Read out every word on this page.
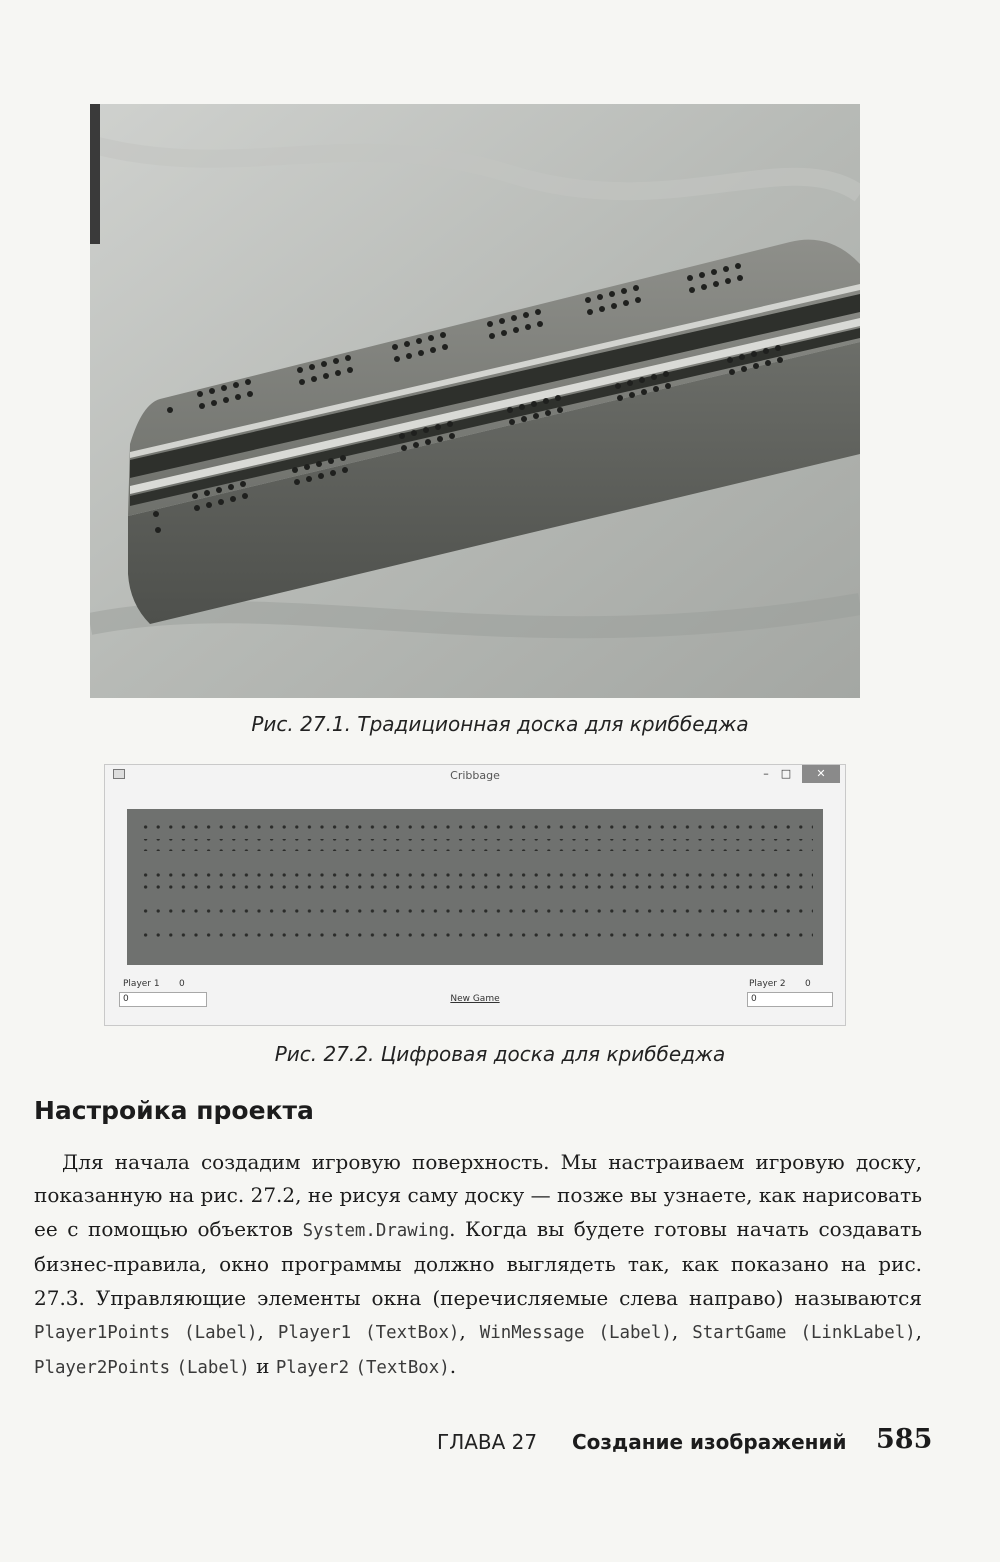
Рис. 27.1. Традиционная доска для криббеджа
Cribbage	–	□	✕
Player 1 0
0	New Game
Player 2 0
0
Рис. 27.2. Цифровая доска для криббеджа
Настройка проекта

Для начала создадим игровую поверхность. Мы настраиваем игровую доску, показанную на рис. 27.2, не рисуя саму доску — позже вы узнаете, как нарисовать ее с помощью объектов System.Drawing. Когда вы будете готовы начать создавать бизнес-правила, окно программы должно выглядеть так, как показано на рис. 27.3. Управляющие элементы окна (перечисляемые слева направо) называются Player1Points (Label), Player1 (TextBox), WinMessage (Label), StartGame (LinkLabel), Player2Points (Label) и Player2 (TextBox).

ГЛАВА 27 Создание изображений 585
